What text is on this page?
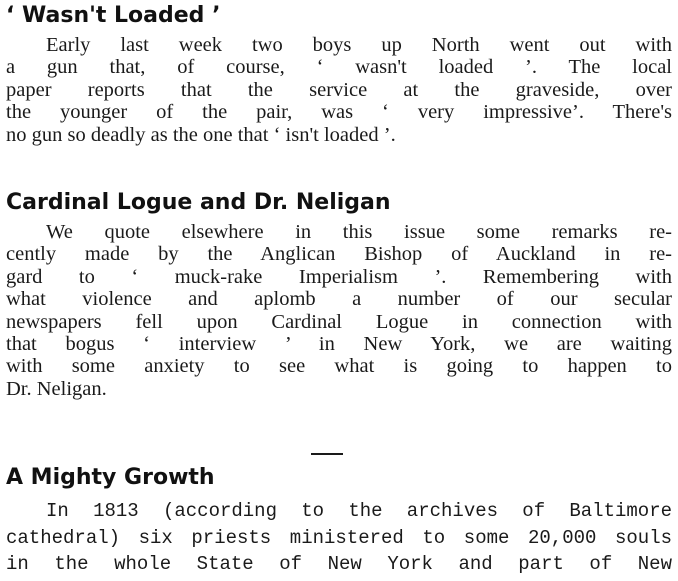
‘ Wasn't Loaded ’
Early last week two boys up North went out with
a gun that, of course, ‘ wasn't loaded ’. The local
paper reports that the service at the graveside, over
the younger of the pair, was ‘ very impressive’. There's
no gun so deadly as the one that ‘ isn't loaded ’.
Cardinal Logue and Dr. Neligan
We quote elsewhere in this issue some remarks re-
cently made by the Anglican Bishop of Auckland in re-
gard to ‘ muck-rake Imperialism ’. Remembering with
what violence and aplomb a number of our secular
newspapers fell upon Cardinal Logue in connection with
that bogus ‘ interview ’ in New York, we are waiting
with some anxiety to see what is going to happen to
Dr. Neligan.
A Mighty Growth
In 1813 (according to the archives of Baltimore
cathedral) six priests ministered to some 20,000 souls
in the whole State of New York and part of New
